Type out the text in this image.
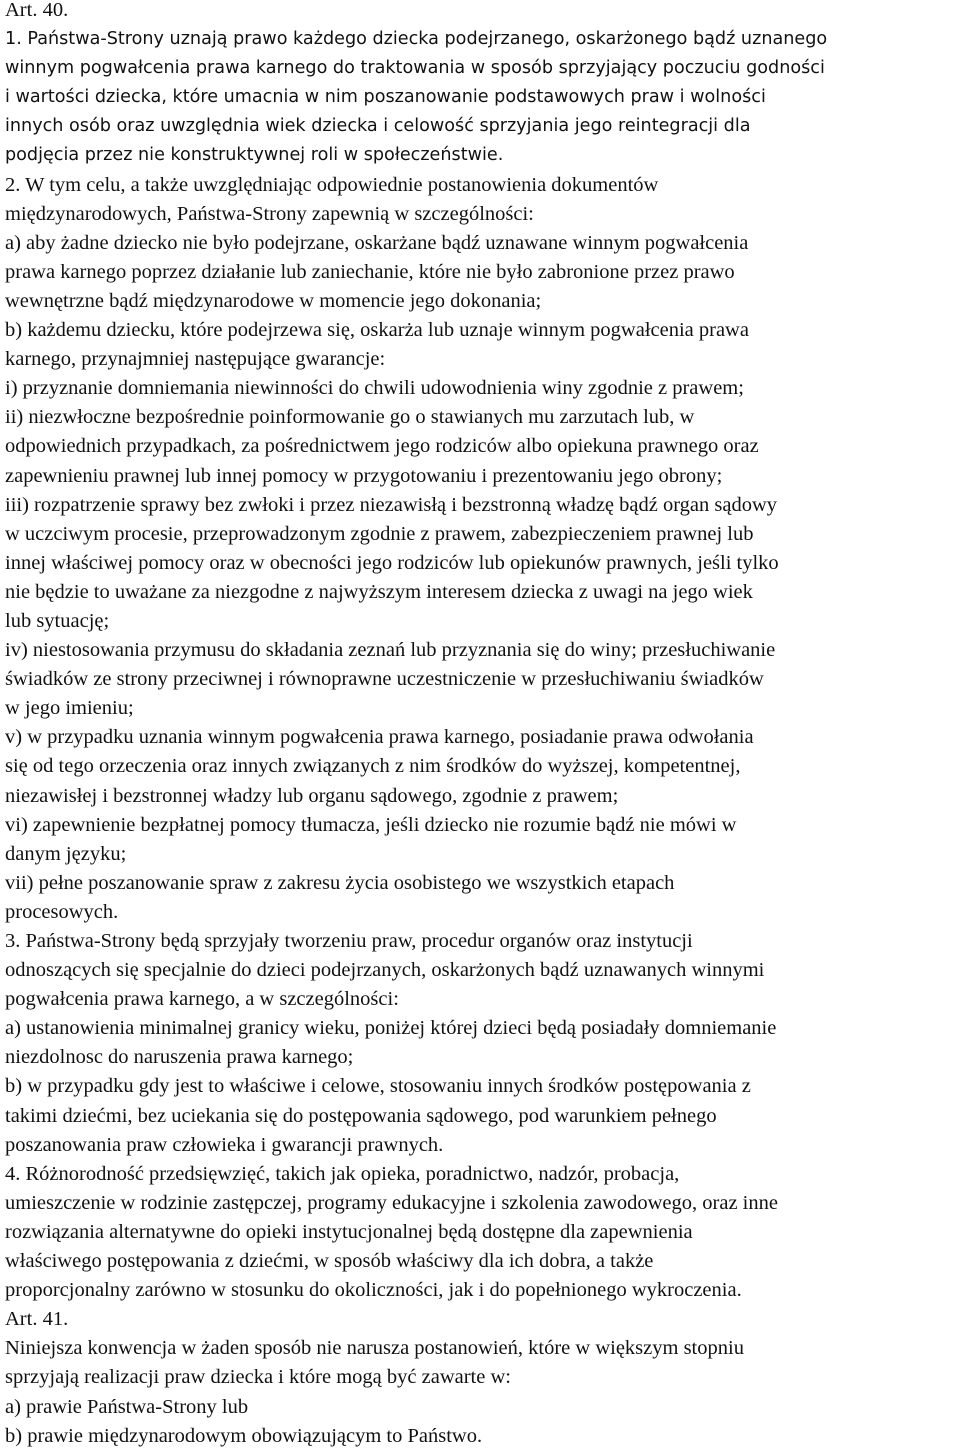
Art. 40.
1. Państwa-Strony uznają prawo każdego dziecka podejrzanego, oskarżonego bądź uznanego
winnym pogwałcenia prawa karnego do traktowania w sposób sprzyjający poczuciu godności
i wartości dziecka, które umacnia w nim poszanowanie podstawowych praw i wolności
innych osób oraz uwzględnia wiek dziecka i celowość sprzyjania jego reintegracji dla
podjęcia przez nie konstruktywnej roli w społeczeństwie.
2. W tym celu, a także uwzględniając odpowiednie postanowienia dokumentów
międzynarodowych, Państwa-Strony zapewnią w szczególności:
a) aby żadne dziecko nie było podejrzane, oskarżane bądź uznawane winnym pogwałcenia
prawa karnego poprzez działanie lub zaniechanie, które nie było zabronione przez prawo
wewnętrzne bądź międzynarodowe w momencie jego dokonania;
b) każdemu dziecku, które podejrzewa się, oskarża lub uznaje winnym pogwałcenia prawa
karnego, przynajmniej następujące gwarancje:
i) przyznanie domniemania niewinności do chwili udowodnienia winy zgodnie z prawem;
ii) niezwłoczne bezpośrednie poinformowanie go o stawianych mu zarzutach lub, w
odpowiednich przypadkach, za pośrednictwem jego rodziców albo opiekuna prawnego oraz
zapewnieniu prawnej lub innej pomocy w przygotowaniu i prezentowaniu jego obrony;
iii) rozpatrzenie sprawy bez zwłoki i przez niezawisłą i bezstronną władzę bądź organ sądowy
w uczciwym procesie, przeprowadzonym zgodnie z prawem, zabezpieczeniem prawnej lub
innej właściwej pomocy oraz w obecności jego rodziców lub opiekunów prawnych, jeśli tylko
nie będzie to uważane za niezgodne z najwyższym interesem dziecka z uwagi na jego wiek
lub sytuację;
iv) niestosowania przymusu do składania zeznań lub przyznania się do winy; przesłuchiwanie
świadków ze strony przeciwnej i równoprawne uczestniczenie w przesłuchiwaniu świadków
w jego imieniu;
v) w przypadku uznania winnym pogwałcenia prawa karnego, posiadanie prawa odwołania
się od tego orzeczenia oraz innych związanych z nim środków do wyższej, kompetentnej,
niezawisłej i bezstronnej władzy lub organu sądowego, zgodnie z prawem;
vi) zapewnienie bezpłatnej pomocy tłumacza, jeśli dziecko nie rozumie bądź nie mówi w
danym języku;
vii) pełne poszanowanie spraw z zakresu życia osobistego we wszystkich etapach
procesowych.
3. Państwa-Strony będą sprzyjały tworzeniu praw, procedur organów oraz instytucji
odnoszących się specjalnie do dzieci podejrzanych, oskarżonych bądź uznawanych winnymi
pogwałcenia prawa karnego, a w szczególności:
a) ustanowienia minimalnej granicy wieku, poniżej której dzieci będą posiadały domniemanie
niezdolnosc do naruszenia prawa karnego;
b) w przypadku gdy jest to właściwe i celowe, stosowaniu innych środków postępowania z
takimi dziećmi, bez uciekania się do postępowania sądowego, pod warunkiem pełnego
poszanowania praw człowieka i gwarancji prawnych.
4. Różnorodność przedsięwzięć, takich jak opieka, poradnictwo, nadzór, probacja,
umieszczenie w rodzinie zastępczej, programy edukacyjne i szkolenia zawodowego, oraz inne
rozwiązania alternatywne do opieki instytucjonalnej będą dostępne dla zapewnienia
właściwego postępowania z dziećmi, w sposób właściwy dla ich dobra, a także
proporcjonalny zarówno w stosunku do okoliczności, jak i do popełnionego wykroczenia.
Art. 41.
Niniejsza konwencja w żaden sposób nie narusza postanowień, które w większym stopniu
sprzyjają realizacji praw dziecka i które mogą być zawarte w:
a) prawie Państwa-Strony lub
b) prawie międzynarodowym obowiązującym to Państwo.
